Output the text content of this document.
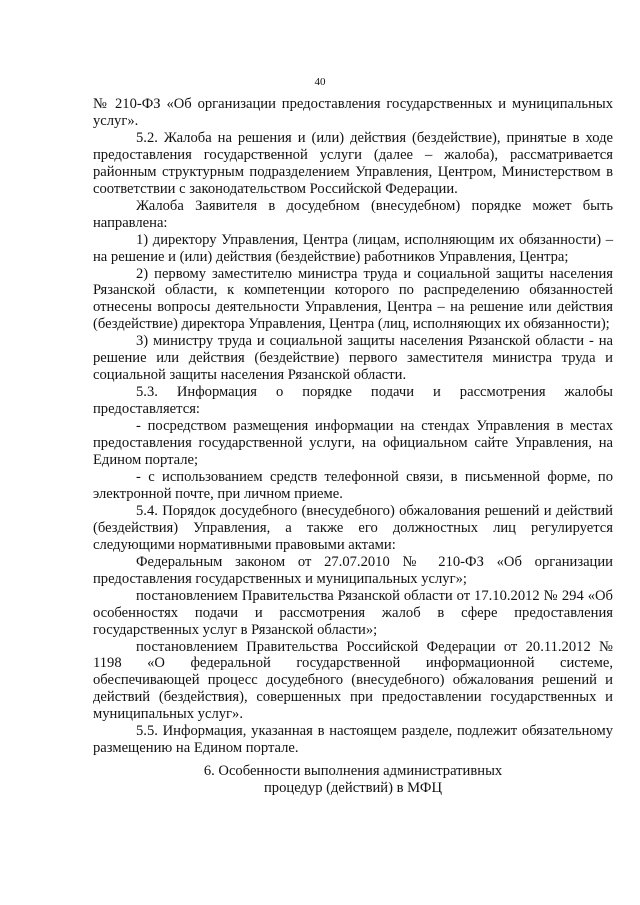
40

№ 210-ФЗ «Об организации предоставления государственных и муниципальных услуг».

5.2. Жалоба на решения и (или) действия (бездействие), принятые в ходе предоставления государственной услуги (далее – жалоба), рассматривается районным структурным подразделением Управления, Центром, Министерством в соответствии с законодательством Российской Федерации.

Жалоба Заявителя в досудебном (внесудебном) порядке может быть направлена:

1) директору Управления, Центра (лицам, исполняющим их обязанности) – на решение и (или) действия (бездействие) работников Управления, Центра;

2) первому заместителю министра труда и социальной защиты населения Рязанской области, к компетенции которого по распределению обязанностей отнесены вопросы деятельности Управления, Центра – на решение или действия (бездействие) директора Управления, Центра (лиц, исполняющих их обязанности);

3) министру труда и социальной защиты населения Рязанской области - на решение или действия (бездействие) первого заместителя министра труда и социальной защиты населения Рязанской области.

5.3. Информация о порядке подачи и рассмотрения жалобы предоставляется:

- посредством размещения информации на стендах Управления в местах предоставления государственной услуги, на официальном сайте Управления, на Едином портале;

- с использованием средств телефонной связи, в письменной форме, по электронной почте, при личном приеме.

5.4. Порядок досудебного (внесудебного) обжалования решений и действий (бездействия) Управления, а также его должностных лиц регулируется следующими нормативными правовыми актами:

Федеральным законом от 27.07.2010 № 210-ФЗ «Об организации предоставления государственных и муниципальных услуг»;

постановлением Правительства Рязанской области от 17.10.2012 № 294 «Об особенностях подачи и рассмотрения жалоб в сфере предоставления государственных услуг в Рязанской области»;

постановлением Правительства Российской Федерации от 20.11.2012 № 1198 «О федеральной государственной информационной системе, обеспечивающей процесс досудебного (внесудебного) обжалования решений и действий (бездействия), совершенных при предоставлении государственных и муниципальных услуг».

5.5. Информация, указанная в настоящем разделе, подлежит обязательному размещению на Едином портале.

6. Особенности выполнения административных
процедур (действий) в МФЦ
